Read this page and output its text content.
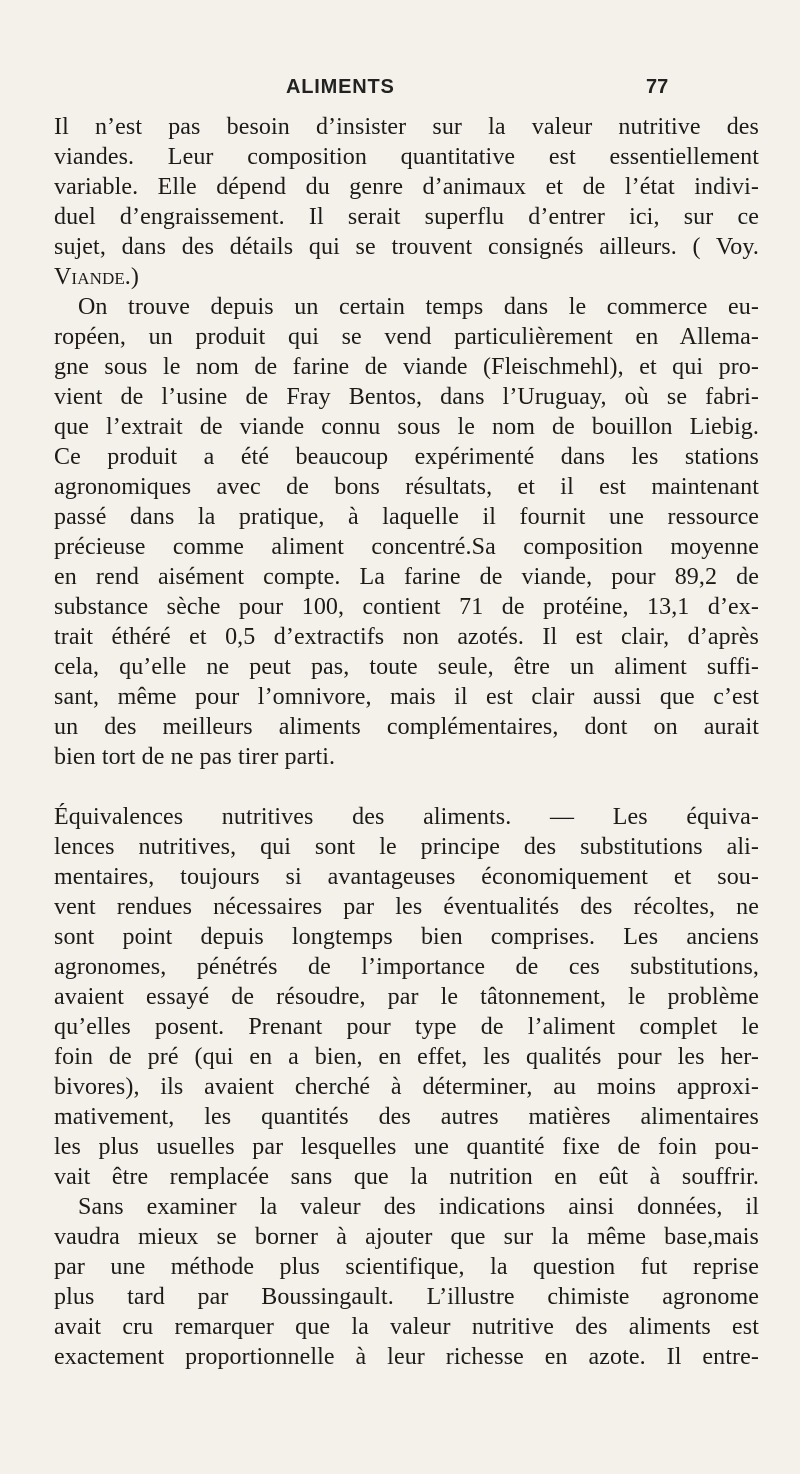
ALIMENTS	77
Il n’est pas besoin d’insister sur la valeur nutritive des
viandes. Leur composition quantitative est essentiellement
variable. Elle dépend du genre d’animaux et de l’état indivi-
duel d’engraissement. Il serait superflu d’entrer ici, sur ce
sujet, dans des détails qui se trouvent consignés ailleurs. ( Voy.
Viande.)
On trouve depuis un certain temps dans le commerce eu-
ropéen, un produit qui se vend particulièrement en Allema-
gne sous le nom de farine de viande (Fleischmehl), et qui pro-
vient de l’usine de Fray Bentos, dans l’Uruguay, où se fabri-
que l’extrait de viande connu sous le nom de bouillon Liebig.
Ce produit a été beaucoup expérimenté dans les stations
agronomiques avec de bons résultats, et il est maintenant
passé dans la pratique, à laquelle il fournit une ressource
précieuse comme aliment concentré.Sa composition moyenne
en rend aisément compte. La farine de viande, pour 89,2 de
substance sèche pour 100, contient 71 de protéine, 13,1 d’ex-
trait éthéré et 0,5 d’extractifs non azotés. Il est clair, d’après
cela, qu’elle ne peut pas, toute seule, être un aliment suffi-
sant, même pour l’omnivore, mais il est clair aussi que c’est
un des meilleurs aliments complémentaires, dont on aurait
bien tort de ne pas tirer parti.
Équivalences nutritives des aliments. — Les équiva-
lences nutritives, qui sont le principe des substitutions ali-
mentaires, toujours si avantageuses économiquement et sou-
vent rendues nécessaires par les éventualités des récoltes, ne
sont point depuis longtemps bien comprises. Les anciens
agronomes, pénétrés de l’importance de ces substitutions,
avaient essayé de résoudre, par le tâtonnement, le problème
qu’elles posent. Prenant pour type de l’aliment complet le
foin de pré (qui en a bien, en effet, les qualités pour les her-
bivores), ils avaient cherché à déterminer, au moins approxi-
mativement, les quantités des autres matières alimentaires
les plus usuelles par lesquelles une quantité fixe de foin pou-
vait être remplacée sans que la nutrition en eût à souffrir.
Sans examiner la valeur des indications ainsi données, il
vaudra mieux se borner à ajouter que sur la même base,mais
par une méthode plus scientifique, la question fut reprise
plus tard par Boussingault. L’illustre chimiste agronome
avait cru remarquer que la valeur nutritive des aliments est
exactement proportionnelle à leur richesse en azote. Il entre-
